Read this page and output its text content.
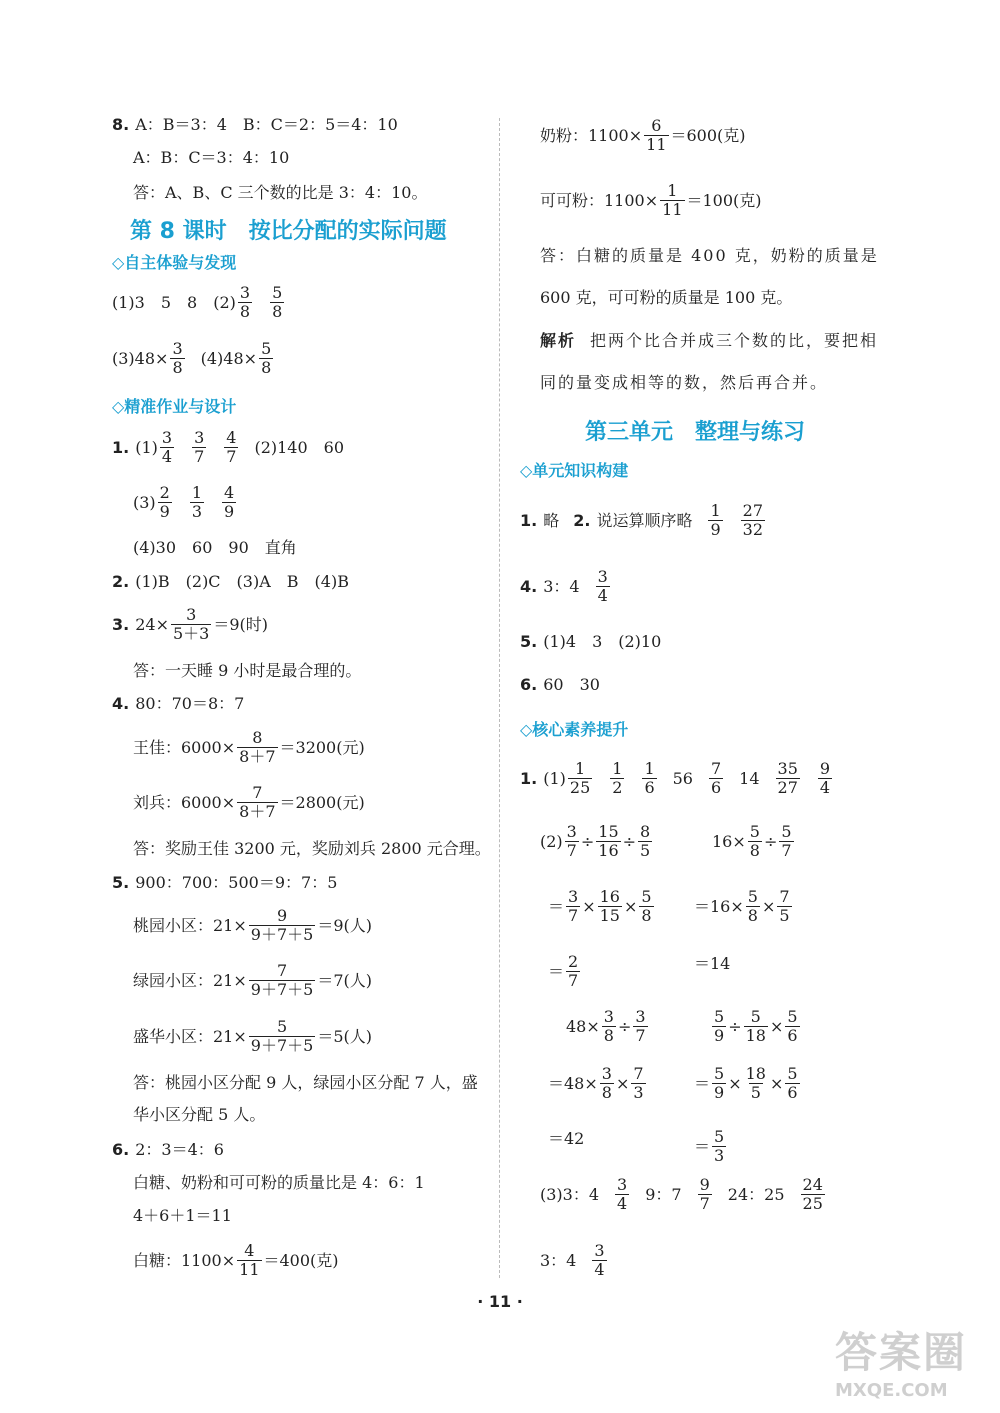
8. A：B＝3：4　B：C＝2：5＝4：10
A：B：C＝3：4：10
答：A、B、C 三个数的比是 3：4：10。
第 8 课时　按比分配的实际问题
◇自主体验与发现
(1)3　5　8　$(2) \frac{3}{8} \frac{5}{8}$
$(3)48\times \frac{3}{8} (4)48\times \frac{5}{8}$
◇精准作业与设计
1. $(1) \frac{3}{4} \frac{3}{7} \frac{4}{7} (2)140$　60
$(3) \frac{2}{9} \frac{1}{3} \frac{4}{9}$
(4)30　60　90　直角
2. (1)B　(2)C　(3)A　B　(4)B
3. $24\times \frac{3}{5+3} =9$(时)
答：一天睡 9 小时是最合理的。
4. 80：70＝8：7
王佳：$6000\times \frac{8}{8+7} =3200$(元)
刘兵：$6000\times \frac{7}{8+7} =2800$(元)
答：奖励王佳 3200 元，奖励刘兵 2800 元合理。
5. 900：700：500＝9：7：5
桃园小区：$21\times \frac{9}{9+7+5} =9$(人)
绿园小区：$21\times \frac{7}{9+7+5} =7$(人)
盛华小区：$21\times \frac{5}{9+7+5} =5$(人)
答：桃园小区分配 9 人，绿园小区分配 7 人，盛
华小区分配 5 人。
6. 2：3＝4：6
白糖、奶粉和可可粉的质量比是 4：6：1
4＋6＋1＝11
白糖：$1100\times \frac{4}{11} =400$(克)
奶粉：$1100\times \frac{6}{11} =600$(克)
可可粉：$1100\times \frac{1}{11} =100$(克)
答：白糖的质量是 400 克，奶粉的质量是
600 克，可可粉的质量是 100 克。
解析 把两个比合并成三个数的比，要把相
同的量变成相等的数，然后再合并。
第三单元　整理与练习
◇单元知识构建
1. 略 2. 说运算顺序略 $\frac{1}{9} \frac{27}{32}$
4. 3：$4 \frac{3}{4}$
5. (1)4　3　(2)10
6. 60　30
◇核心素养提升
1. $(1) \frac{1}{25} \frac{1}{2} \frac{1}{6} 56 \frac{7}{6} 14 \frac{35}{27} \frac{9}{4}$
$(2) \frac{3}{7} \div \frac{15}{16} \div \frac{8}{5}$
＝ $\frac{3}{7} \times \frac{16}{15} \times \frac{5}{8}$
＝ $\frac{2}{7}$
$48\times \frac{3}{8} \div \frac{3}{7}$
$=48\times \frac{3}{8} \times \frac{7}{3}$
＝42
$16\times \frac{5}{8} \div \frac{5}{7}$
$=16\times \frac{5}{8} \times \frac{7}{5}$
＝14
$\frac{5}{9} \div \frac{5}{18} \times \frac{5}{6}$
＝ $\frac{5}{9} \times \frac{18}{5} \times \frac{5}{6}$
＝ $\frac{5}{3}$
(3)3：$4 \frac{3}{4} 9$：$7 \frac{9}{7} 24$：$25 \frac{24}{25}$
3：$4 \frac{3}{4}$
· 11 ·
答案圈
MXQE.COM
